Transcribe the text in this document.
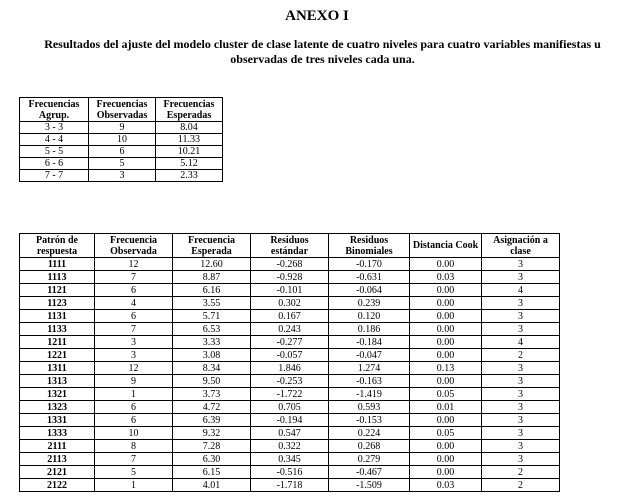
ANEXO I
Resultados del ajuste del modelo cluster de clase latente de cuatro niveles para cuatro variables manifiestas u observadas de tres niveles cada una.
Frecuencias Agrup.	Frecuencias Observadas	Frecuencias Esperadas
3 - 3	9	8.04
4 - 4	10	11.33
5 - 5	6	10.21
6 - 6	5	5.12
7 - 7	3	2.33
Patrón de respuesta	Frecuencia Observada	Frecuencia Esperada	Residuos estándar	Residuos Binomiales	Distancia Cook	Asignación a clase
1111	12	12.60	-0.268	-0.170	0.00	3
1113	7	8.87	-0.928	-0.631	0.03	3
1121	6	6.16	-0.101	-0.064	0.00	4
1123	4	3.55	0.302	0.239	0.00	3
1131	6	5.71	0.167	0.120	0.00	3
1133	7	6.53	0.243	0.186	0.00	3
1211	3	3.33	-0.277	-0.184	0.00	4
1221	3	3.08	-0.057	-0.047	0.00	2
1311	12	8.34	1.846	1.274	0.13	3
1313	9	9.50	-0.253	-0.163	0.00	3
1321	1	3.73	-1.722	-1.419	0.05	3
1323	6	4.72	0.705	0.593	0.01	3
1331	6	6.39	-0.194	-0.153	0.00	3
1333	10	9.32	0.547	0.224	0.05	3
2111	8	7.28	0.322	0.268	0.00	3
2113	7	6.30	0.345	0.279	0.00	3
2121	5	6.15	-0.516	-0.467	0.00	2
2122	1	4.01	-1.718	-1.509	0.03	2
